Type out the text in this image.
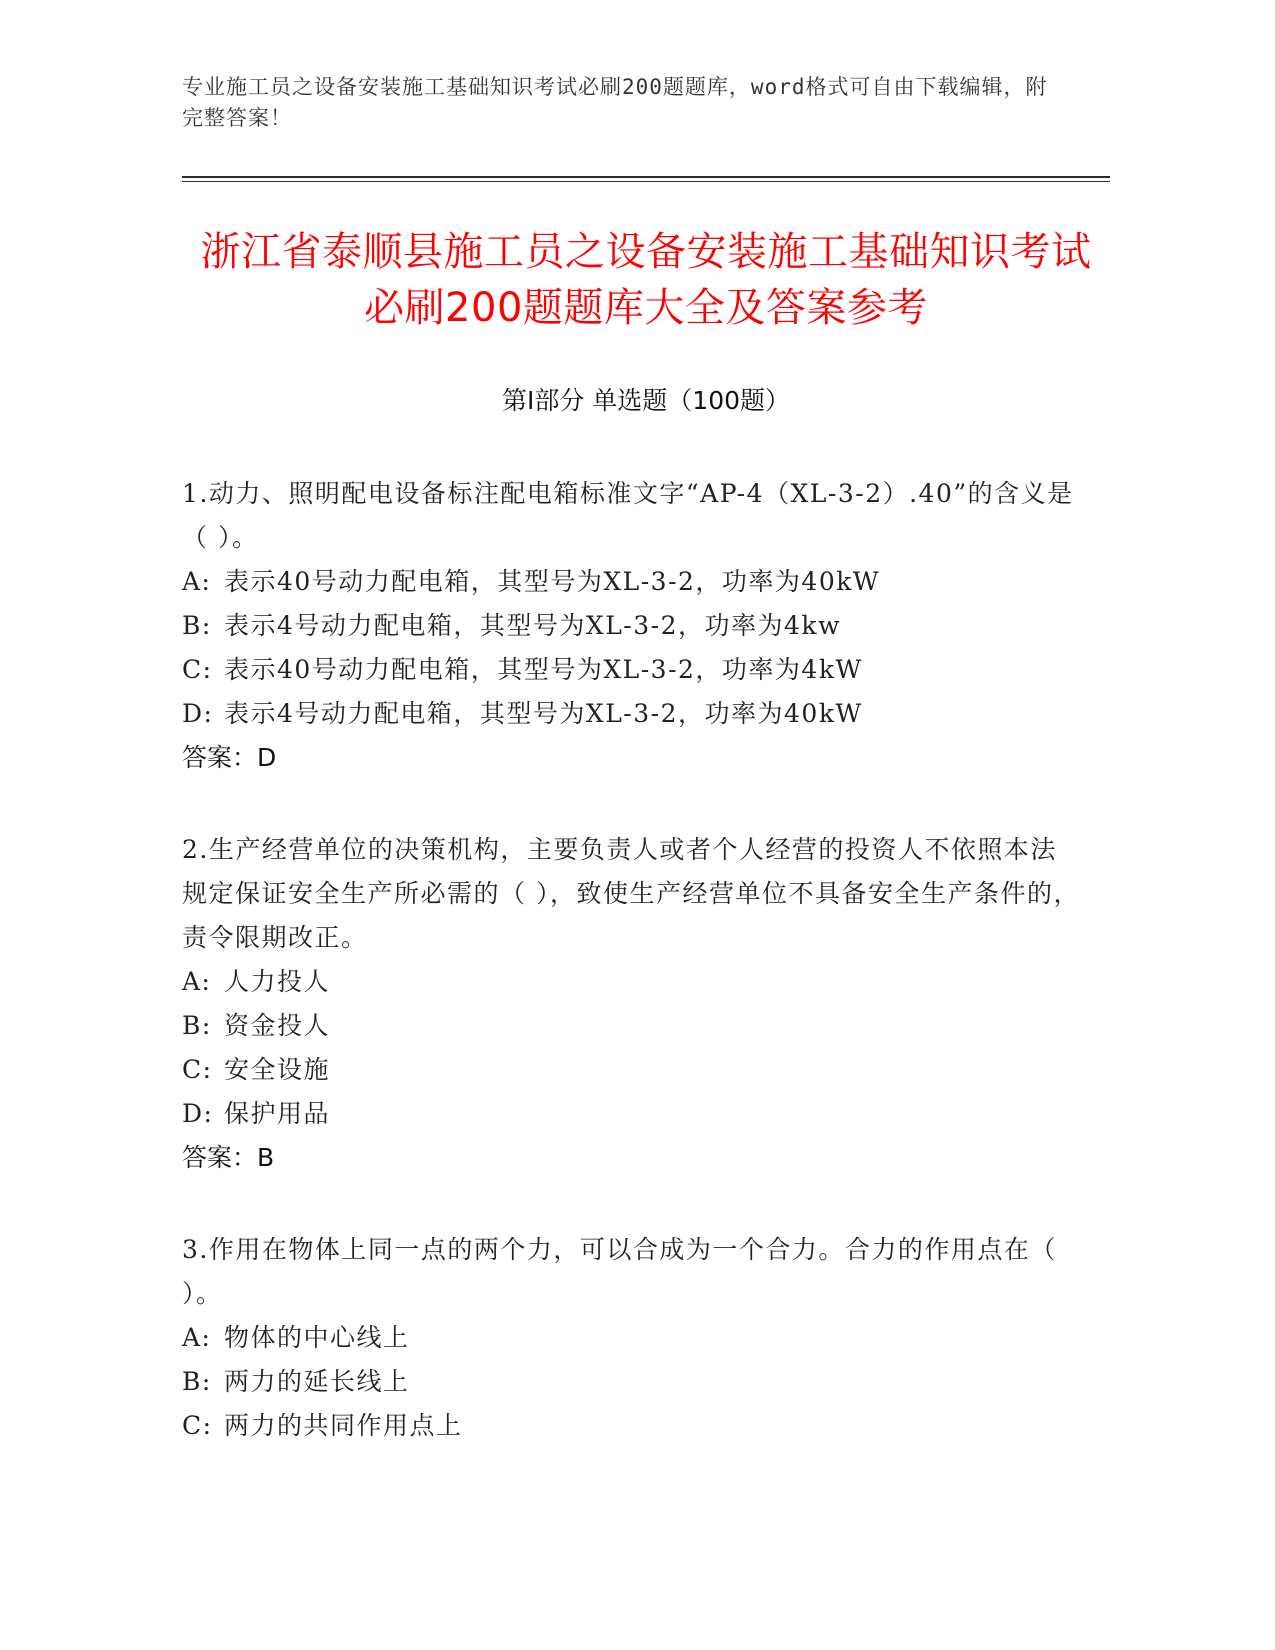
专业施工员之设备安装施工基础知识考试必刷200题题库，word格式可自由下载编辑，附完整答案！
浙江省泰顺县施工员之设备安装施工基础知识考试必刷200题题库大全及答案参考
第Ⅰ部分 单选题（100题）
1.动力、照明配电设备标注配电箱标准文字“AP-4（XL-3-2）.40”的含义是（ ）。
A: 表示40号动力配电箱，其型号为XL-3-2，功率为40kW
B: 表示4号动力配电箱，其型号为XL-3-2，功率为4kw
C: 表示40号动力配电箱，其型号为XL-3-2，功率为4kW
D: 表示4号动力配电箱，其型号为XL-3-2，功率为40kW
答案：D
2.生产经营单位的决策机构，主要负责人或者个人经营的投资人不依照本法规定保证安全生产所必需的（ ），致使生产经营单位不具备安全生产条件的，责令限期改正。
A: 人力投人
B: 资金投人
C: 安全设施
D: 保护用品
答案：B
3.作用在物体上同一点的两个力，可以合成为一个合力。合力的作用点在（ ）。
A: 物体的中心线上
B: 两力的延长线上
C: 两力的共同作用点上
